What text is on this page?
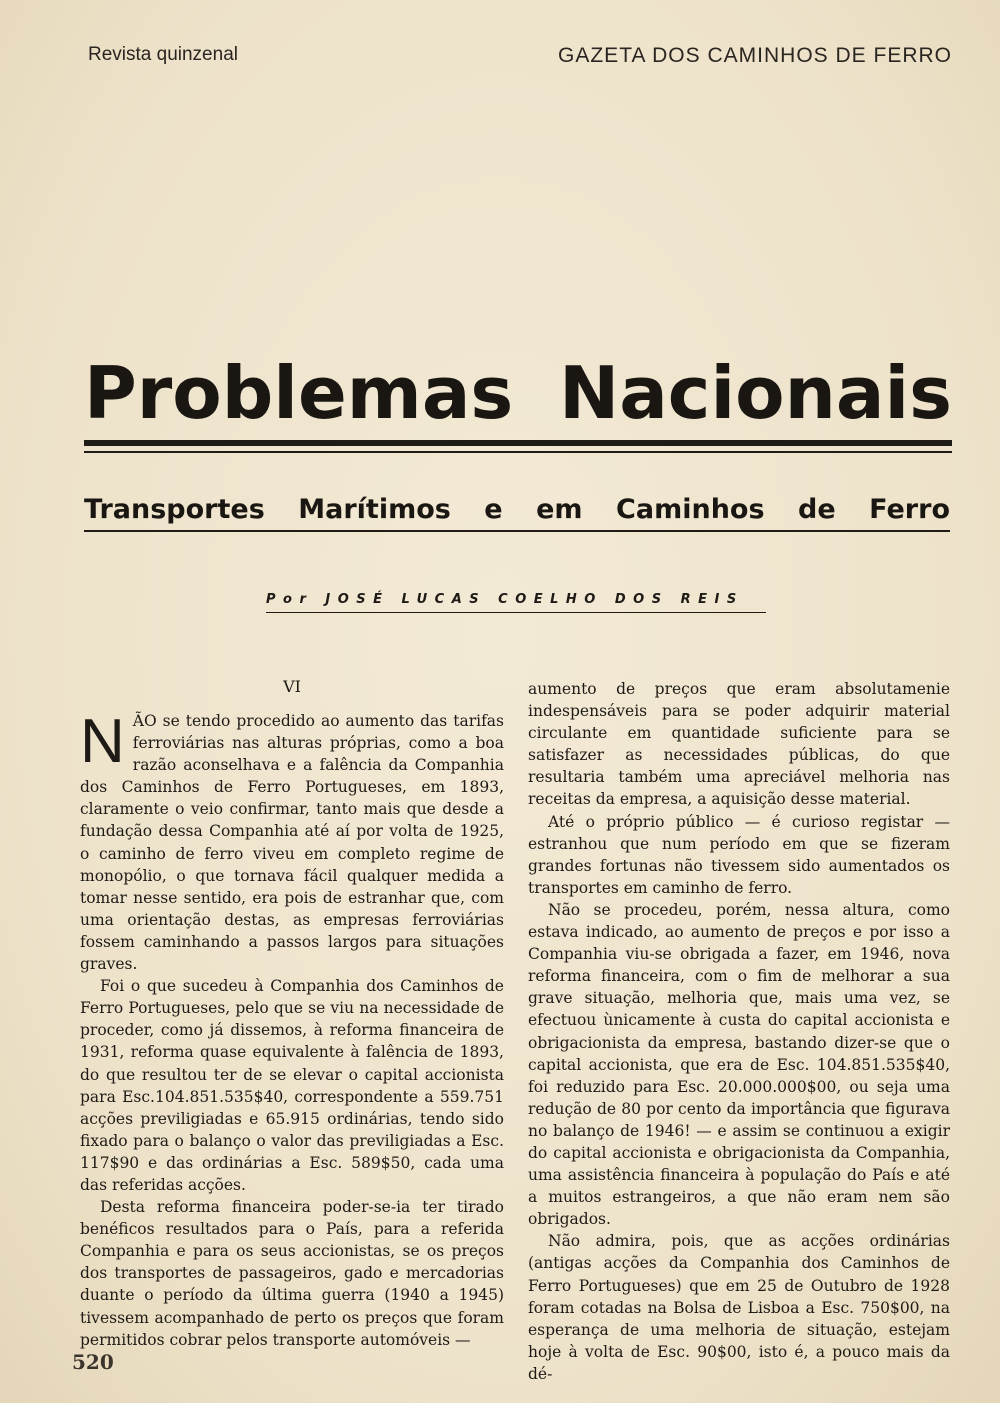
Revista quinzenal	GAZETA DOS CAMINHOS DE FERRO
Problemas Nacionais
Transportes Marítimos e em Caminhos de Ferro
Por JOSÉ LUCAS COELHO DOS REIS
VI

NÃO se tendo procedido ao aumento das tarifas ferroviárias nas alturas próprias, como a boa razão aconselhava e a falência da Companhia dos Caminhos de Ferro Portugueses, em 1893, claramente o veio confirmar, tanto mais que desde a fundação dessa Companhia até aí por volta de 1925, o caminho de ferro viveu em completo regime de monopólio, o que tornava fácil qualquer medida a tomar nesse sentido, era pois de estranhar que, com uma orientação destas, as empresas ferroviárias fossem caminhando a passos largos para situações graves.

Foi o que sucedeu à Companhia dos Caminhos de Ferro Portugueses, pelo que se viu na necessidade de proceder, como já dissemos, à reforma financeira de 1931, reforma quase equivalente à falência de 1893, do que resultou ter de se elevar o capital accionista para Esc.104.851.535$40, correspondente a 559.751 acções previligiadas e 65.915 ordinárias, tendo sido fixado para o balanço o valor das previligiadas a Esc. 117$90 e das ordinárias a Esc. 589$50, cada uma das referidas acções.

Desta reforma financeira poder-se-ia ter tirado benéficos resultados para o País, para a referida Companhia e para os seus accionistas, se os preços dos transportes de passageiros, gado e mercadorias duante o período da última guerra (1940 a 1945) tivessem acompanhado de perto os preços que foram permitidos cobrar pelos transporte automóveis —

aumento de preços que eram absolutamenie indespensáveis para se poder adquirir material circulante em quantidade suficiente para se satisfazer as necessidades públicas, do que resultaria também uma apreciável melhoria nas receitas da empresa, a aquisição desse material.

Até o próprio público — é curioso registar — estranhou que num período em que se fizeram grandes fortunas não tivessem sido aumentados os transportes em caminho de ferro.

Não se procedeu, porém, nessa altura, como estava indicado, ao aumento de preços e por isso a Companhia viu-se obrigada a fazer, em 1946, nova reforma financeira, com o fim de melhorar a sua grave situação, melhoria que, mais uma vez, se efectuou ùnicamente à custa do capital accionista e obrigacionista da empresa, bastando dizer-se que o capital accionista, que era de Esc. 104.851.535$40, foi reduzido para Esc. 20.000.000$00, ou seja uma redução de 80 por cento da importância que figurava no balanço de 1946! — e assim se continuou a exigir do capital accionista e obrigacionista da Companhia, uma assistência financeira à população do País e até a muitos estrangeiros, a que não eram nem são obrigados.

Não admira, pois, que as acções ordinárias (antigas acções da Companhia dos Caminhos de Ferro Portugueses) que em 25 de Outubro de 1928 foram cotadas na Bolsa de Lisboa a Esc. 750$00, na esperança de uma melhoria de situação, estejam hoje à volta de Esc. 90$00, isto é, a pouco mais da dé-

520
